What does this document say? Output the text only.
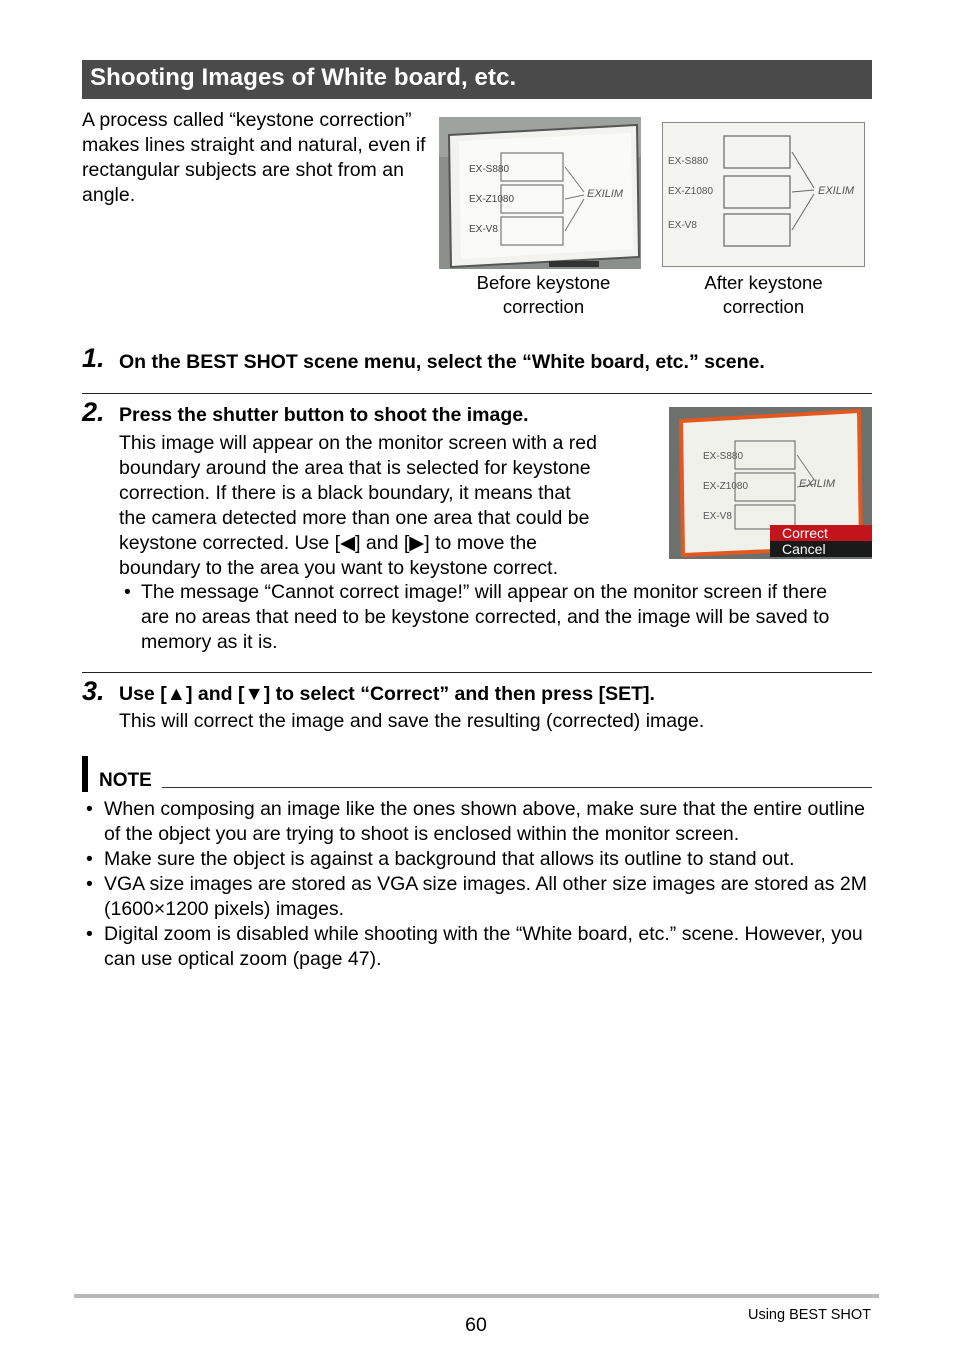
Shooting Images of White board, etc.
A process called “keystone correction” makes lines straight and natural, even if rectangular subjects are shot from an angle.
EX-S880
EX-Z1080
EX-V8
EXILIM
EX-S880
EX-Z1080
EX-V8
EXILIM
Before keystone
correction
After keystone
correction
1. On the BEST SHOT scene menu, select the “White board, etc.” scene.
2. Press the shutter button to shoot the image.
This image will appear on the monitor screen with a red
boundary around the area that is selected for keystone
correction. If there is a black boundary, it means that
the camera detected more than one area that could be
keystone corrected. Use [◀] and [▶] to move the
boundary to the area you want to keystone correct.
EX-S880
EX-Z1080
EX-V8
EXILIM
Correct
Cancel
• The message “Cannot correct image!” will appear on the monitor screen if there are no areas that need to be keystone corrected, and the image will be saved to memory as it is.
3. Use [▲] and [▼] to select “Correct” and then press [SET].
This will correct the image and save the resulting (corrected) image.
NOTE
• When composing an image like the ones shown above, make sure that the entire outline of the object you are trying to shoot is enclosed within the monitor screen.
• Make sure the object is against a background that allows its outline to stand out.
• VGA size images are stored as VGA size images. All other size images are stored as 2M (1600×1200 pixels) images.
• Digital zoom is disabled while shooting with the “White board, etc.” scene. However, you can use optical zoom (page 47).
60	Using BEST SHOT
